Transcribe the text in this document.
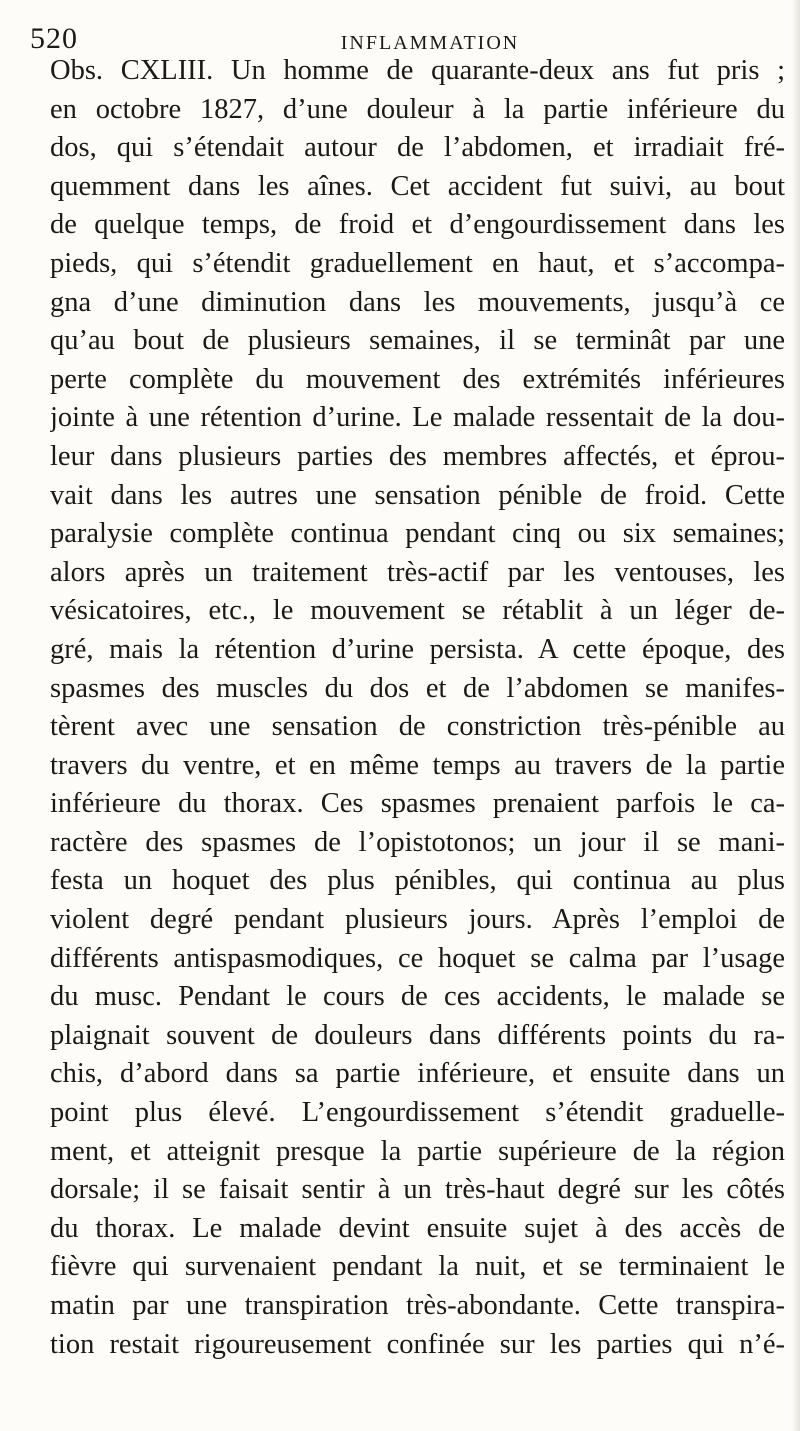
520	INFLAMMATION
Obs. CXLIII. Un homme de quarante-deux ans fut pris ;
en octobre 1827, d’une douleur à la partie inférieure du
dos, qui s’étendait autour de l’abdomen, et irradiait fré-
quemment dans les aînes. Cet accident fut suivi, au bout
de quelque temps, de froid et d’engourdissement dans les
pieds, qui s’étendit graduellement en haut, et s’accompa-
gna d’une diminution dans les mouvements, jusqu’à ce
qu’au bout de plusieurs semaines, il se terminât par une
perte complète du mouvement des extrémités inférieures
jointe à une rétention d’urine. Le malade ressentait de la dou-
leur dans plusieurs parties des membres affectés, et éprou-
vait dans les autres une sensation pénible de froid. Cette
paralysie complète continua pendant cinq ou six semaines;
alors après un traitement très-actif par les ventouses, les
vésicatoires, etc., le mouvement se rétablit à un léger de-
gré, mais la rétention d’urine persista. A cette époque, des
spasmes des muscles du dos et de l’abdomen se manifes-
tèrent avec une sensation de constriction très-pénible au
travers du ventre, et en même temps au travers de la partie
inférieure du thorax. Ces spasmes prenaient parfois le ca-
ractère des spasmes de l’opistotonos; un jour il se mani-
festa un hoquet des plus pénibles, qui continua au plus
violent degré pendant plusieurs jours. Après l’emploi de
différents antispasmodiques, ce hoquet se calma par l’usage
du musc. Pendant le cours de ces accidents, le malade se
plaignait souvent de douleurs dans différents points du ra-
chis, d’abord dans sa partie inférieure, et ensuite dans un
point plus élevé. L’engourdissement s’étendit graduelle-
ment, et atteignit presque la partie supérieure de la région
dorsale; il se faisait sentir à un très-haut degré sur les côtés
du thorax. Le malade devint ensuite sujet à des accès de
fièvre qui survenaient pendant la nuit, et se terminaient le
matin par une transpiration très-abondante. Cette transpira-
tion restait rigoureusement confinée sur les parties qui n’é-
